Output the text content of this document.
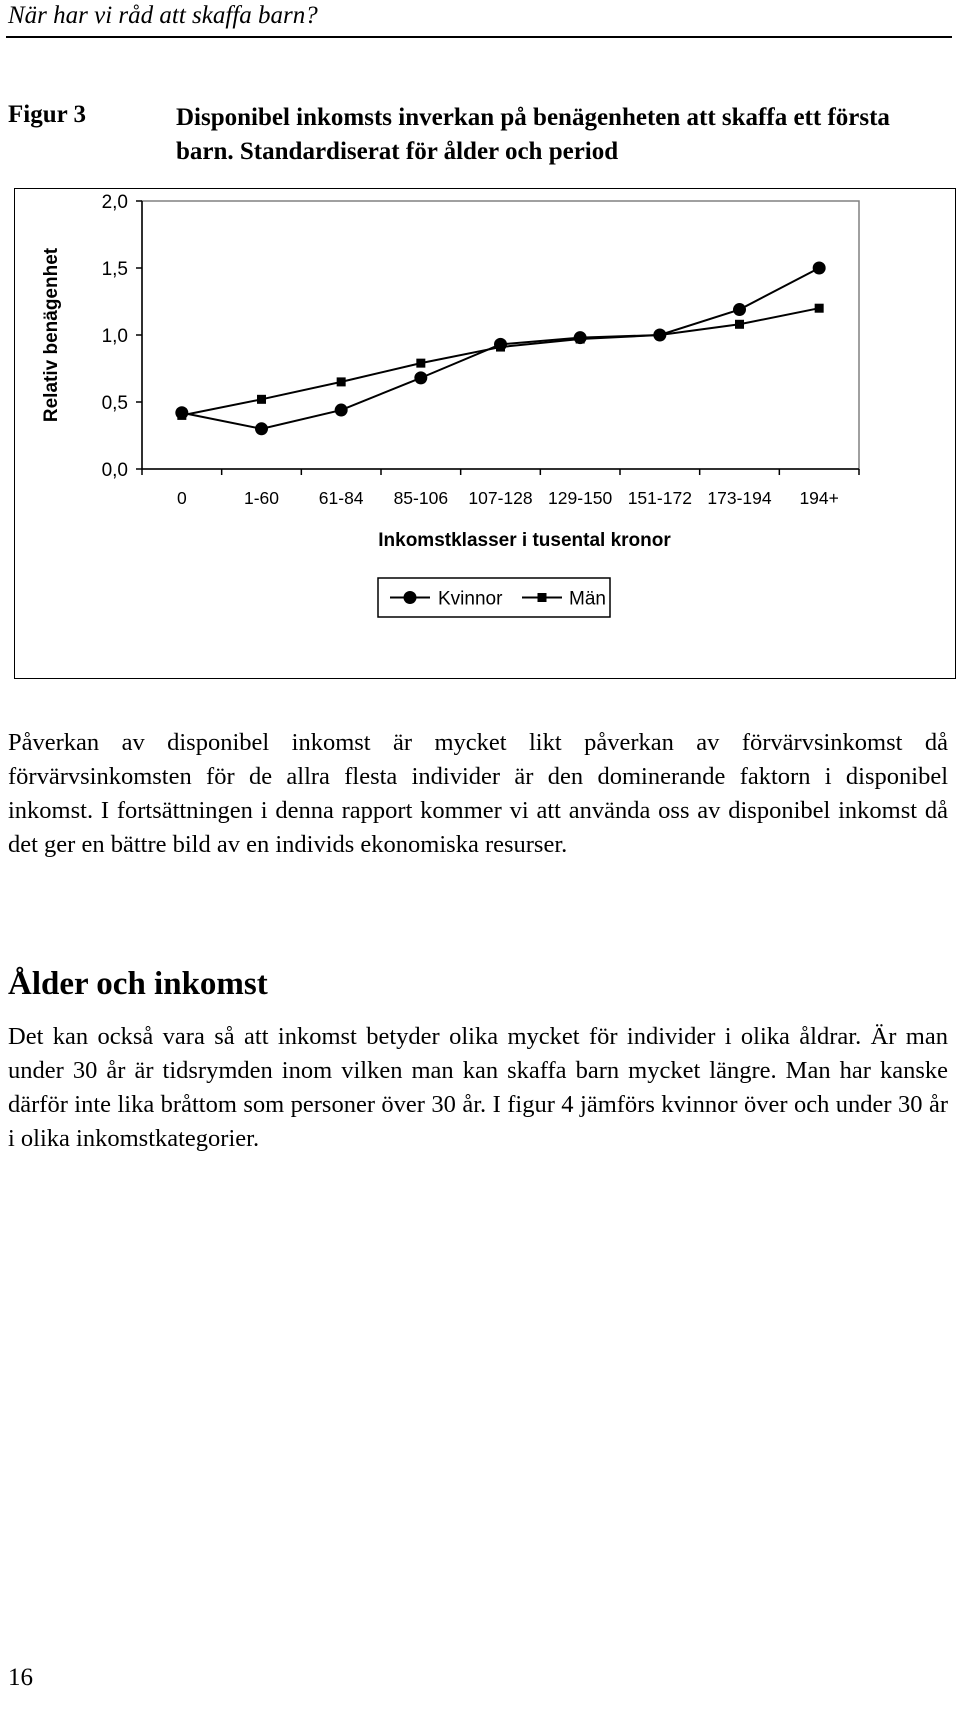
När har vi råd att skaffa barn?
Figur 3	Disponibel inkomsts inverkan på benägenheten att skaffa ett första barn. Standardiserat för ålder och period
0,0
0,5
1,0
1,5
2,0
0	1-60 61-84 85-106 107-128 129-150 151-172 173-194 194+
Inkomstklasser i tusental kronor
Relativ benägenhet
Kvinnor	Män
Påverkan av disponibel inkomst är mycket likt påverkan av förvärvsinkomst då förvärvsinkomsten för de allra flesta individer är den dominerande faktorn i disponibel inkomst. I fortsättningen i denna rapport kommer vi att använda oss av disponibel inkomst då det ger en bättre bild av en individs ekonomiska resurser.
Ålder och inkomst
Det kan också vara så att inkomst betyder olika mycket för individer i olika åldrar. Är man under 30 år är tidsrymden inom vilken man kan skaffa barn mycket längre. Man har kanske därför inte lika bråttom som personer över 30 år. I figur 4 jämförs kvinnor över och under 30 år i olika inkomstkategorier.
16
